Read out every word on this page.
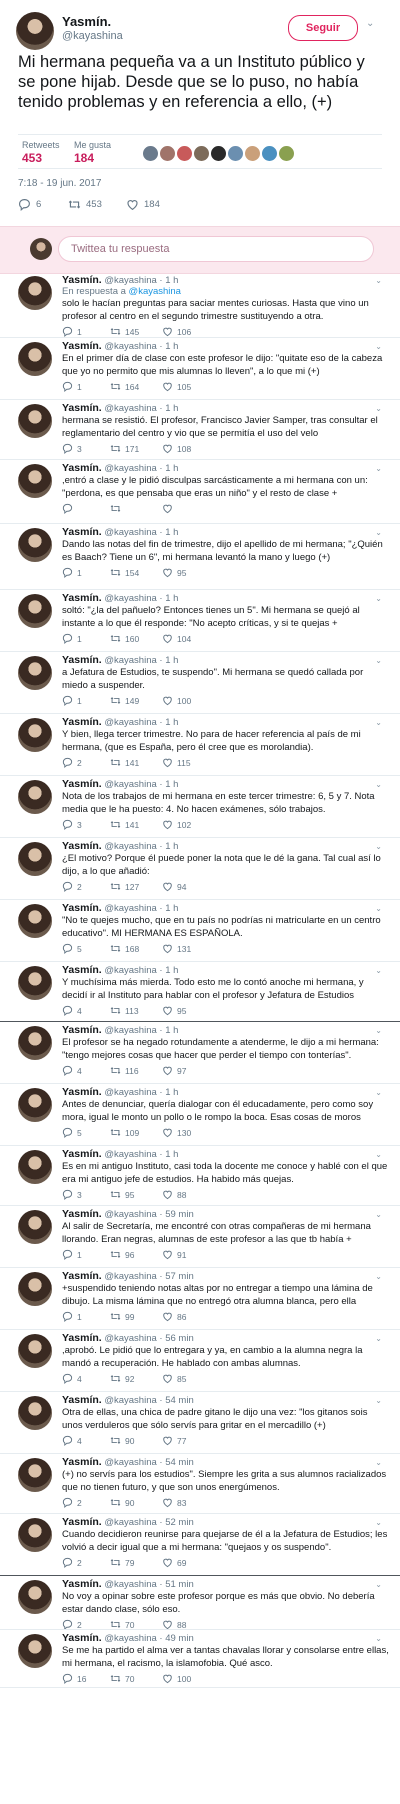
Yasmín.
@kayashina
Seguir	⌄
Mi hermana pequeña va a un Instituto público y se pone hijab. Desde que se lo puso, no había tenido problemas y en referencia a ello, (+)
Retweets
453
Me gusta
184
7:18 - 19 jun. 2017
6	453	184
Twittea tu respuesta
Yasmín. @kayashina · 1 h
En respuesta a @kayashina
solo le hacían preguntas para saciar mentes curiosas. Hasta que vino un profesor al centro en el segundo trimestre sustituyendo a otra.
1	145	106
⌄
Yasmín. @kayashina · 1 h
En el primer día de clase con este profesor le dijo: "quitate eso de la cabeza que yo no permito que mis alumnas lo lleven", a lo que mi (+)
1	164	105
⌄
Yasmín. @kayashina · 1 h
hermana se resistió. El profesor, Francisco Javier Samper, tras consultar el reglamentario del centro y vio que se permitía el uso del velo
3	171	108
⌄
Yasmín. @kayashina · 1 h
,entró a clase y le pidió disculpas sarcásticamente a mi hermana con un: "perdona, es que pensaba que eras un niño" y el resto de clase +
⌄
Yasmín. @kayashina · 1 h
Dando las notas del fin de trimestre, dijo el apellido de mi hermana; "¿Quién es Baach? Tiene un 6", mi hermana levantó la mano y luego (+)
1	154	95
⌄
Yasmín. @kayashina · 1 h
soltó: "¿la del pañuelo? Entonces tienes un 5". Mi hermana se quejó al instante a lo que él responde: "No acepto críticas, y si te quejas +
1	160	104
⌄
Yasmín. @kayashina · 1 h
a Jefatura de Estudios, te suspendo". Mi hermana se quedó callada por miedo a suspender.
1	149	100
⌄
Yasmín. @kayashina · 1 h
Y bien, llega tercer trimestre. No para de hacer referencia al país de mi hermana, (que es España, pero él cree que es morolandia).
2	141	115
⌄
Yasmín. @kayashina · 1 h
Nota de los trabajos de mi hermana en este tercer trimestre: 6, 5 y 7. Nota media que le ha puesto: 4. No hacen exámenes, sólo trabajos.
3	141	102
⌄
Yasmín. @kayashina · 1 h
¿El motivo? Porque él puede poner la nota que le dé la gana. Tal cual así lo dijo, a lo que añadió:
2	127	94
⌄
Yasmín. @kayashina · 1 h
"No te quejes mucho, que en tu país no podrías ni matricularte en un centro educativo". MI HERMANA ES ESPAÑOLA.
5	168	131
⌄
Yasmín. @kayashina · 1 h
Y muchísima más mierda. Todo esto me lo contó anoche mi hermana, y decidí ir al Instituto para hablar con el profesor y Jefatura de Estudios
4	113	95
⌄
Yasmín. @kayashina · 1 h
El profesor se ha negado rotundamente a atenderme, le dijo a mi hermana: "tengo mejores cosas que hacer que perder el tiempo con tonterías".
4	116	97
⌄
Yasmín. @kayashina · 1 h
Antes de denunciar, quería dialogar con él educadamente, pero como soy mora, igual le monto un pollo o le rompo la boca. Esas cosas de moros
5	109	130
⌄
Yasmín. @kayashina · 1 h
Es en mi antiguo Instituto, casi toda la docente me conoce y hablé con el que era mi antiguo jefe de estudios. Ha habido más quejas.
3	95	88
⌄
Yasmín. @kayashina · 59 min
Al salir de Secretaría, me encontré con otras compañeras de mi hermana llorando. Eran negras, alumnas de este profesor a las que tb había +
1	96	91
⌄
Yasmín. @kayashina · 57 min
+suspendido teniendo notas altas por no entregar a tiempo una lámina de dibujo. La misma lámina que no entregó otra alumna blanca, pero ella
1	99	86
⌄
Yasmín. @kayashina · 56 min
,aprobó. Le pidió que lo entregara y ya, en cambio a la alumna negra la mandó a recuperación. He hablado con ambas alumnas.
4	92	85
⌄
Yasmín. @kayashina · 54 min
Otra de ellas, una chica de padre gitano le dijo una vez: "los gitanos sois unos verduleros que sólo servís para gritar en el mercadillo (+)
4	90	77
⌄
Yasmín. @kayashina · 54 min
(+) no servís para los estudios". Siempre les grita a sus alumnos racializados que no tienen futuro, y que son unos energúmenos.
2	90	83
⌄
Yasmín. @kayashina · 52 min
Cuando decidieron reunirse para quejarse de él a la Jefatura de Estudios; les volvió a decir igual que a mi hermana: "quejaos y os suspendo".
2	79	69
⌄
Yasmín. @kayashina · 51 min
No voy a opinar sobre este profesor porque es más que obvio. No debería estar dando clase, sólo eso.
2	70	88
⌄
Yasmín. @kayashina · 49 min
Se me ha partido el alma ver a tantas chavalas llorar y consolarse entre ellas, mi hermana, el racismo, la islamofobia. Qué asco.
16	70	100
⌄
